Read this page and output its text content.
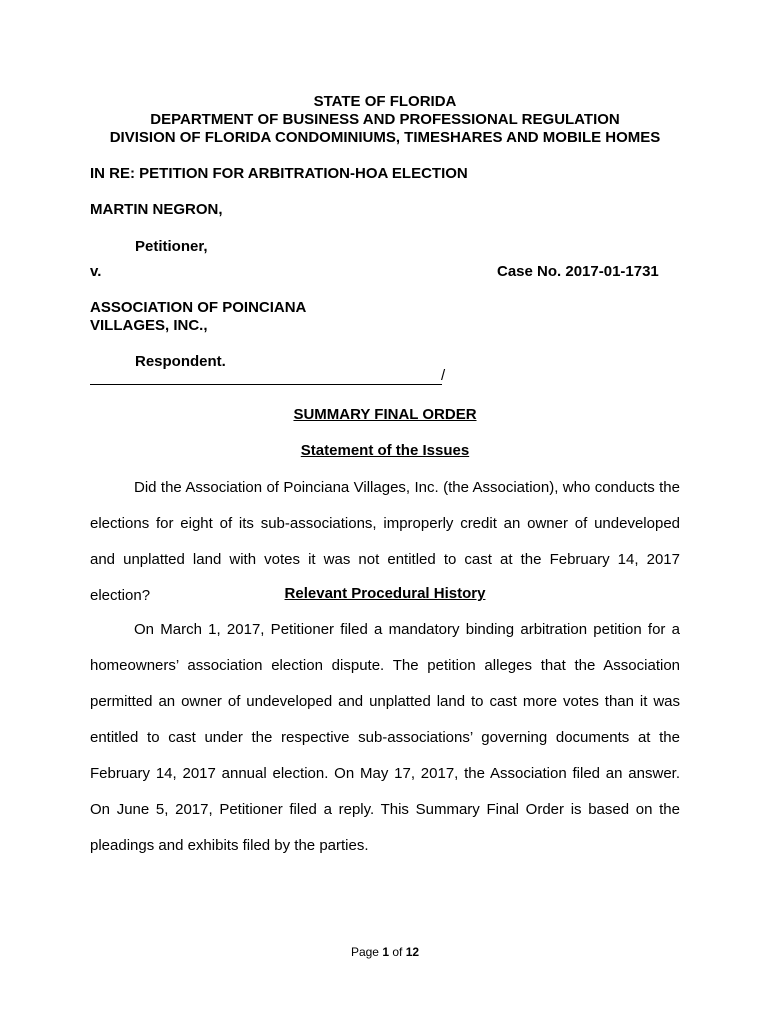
STATE OF FLORIDA
DEPARTMENT OF BUSINESS AND PROFESSIONAL REGULATION
DIVISION OF FLORIDA CONDOMINIUMS, TIMESHARES AND MOBILE HOMES
IN RE: PETITION FOR ARBITRATION-HOA ELECTION
MARTIN NEGRON,
Petitioner,
v.	Case No. 2017-01-1731
ASSOCIATION OF POINCIANA
VILLAGES, INC.,
Respondent.
/
SUMMARY FINAL ORDER
Statement of the Issues
Did the Association of Poinciana Villages, Inc. (the Association), who conducts the elections for eight of its sub-associations, improperly credit an owner of undeveloped and unplatted land with votes it was not entitled to cast at the February 14, 2017 election?	Relevant Procedural History
On March 1, 2017, Petitioner filed a mandatory binding arbitration petition for a homeowners’ association election dispute. The petition alleges that the Association permitted an owner of undeveloped and unplatted land to cast more votes than it was entitled to cast under the respective sub-associations’ governing documents at the February 14, 2017 annual election. On May 17, 2017, the Association filed an answer. On June 5, 2017, Petitioner filed a reply. This Summary Final Order is based on the pleadings and exhibits filed by the parties.
Page 1 of 12
